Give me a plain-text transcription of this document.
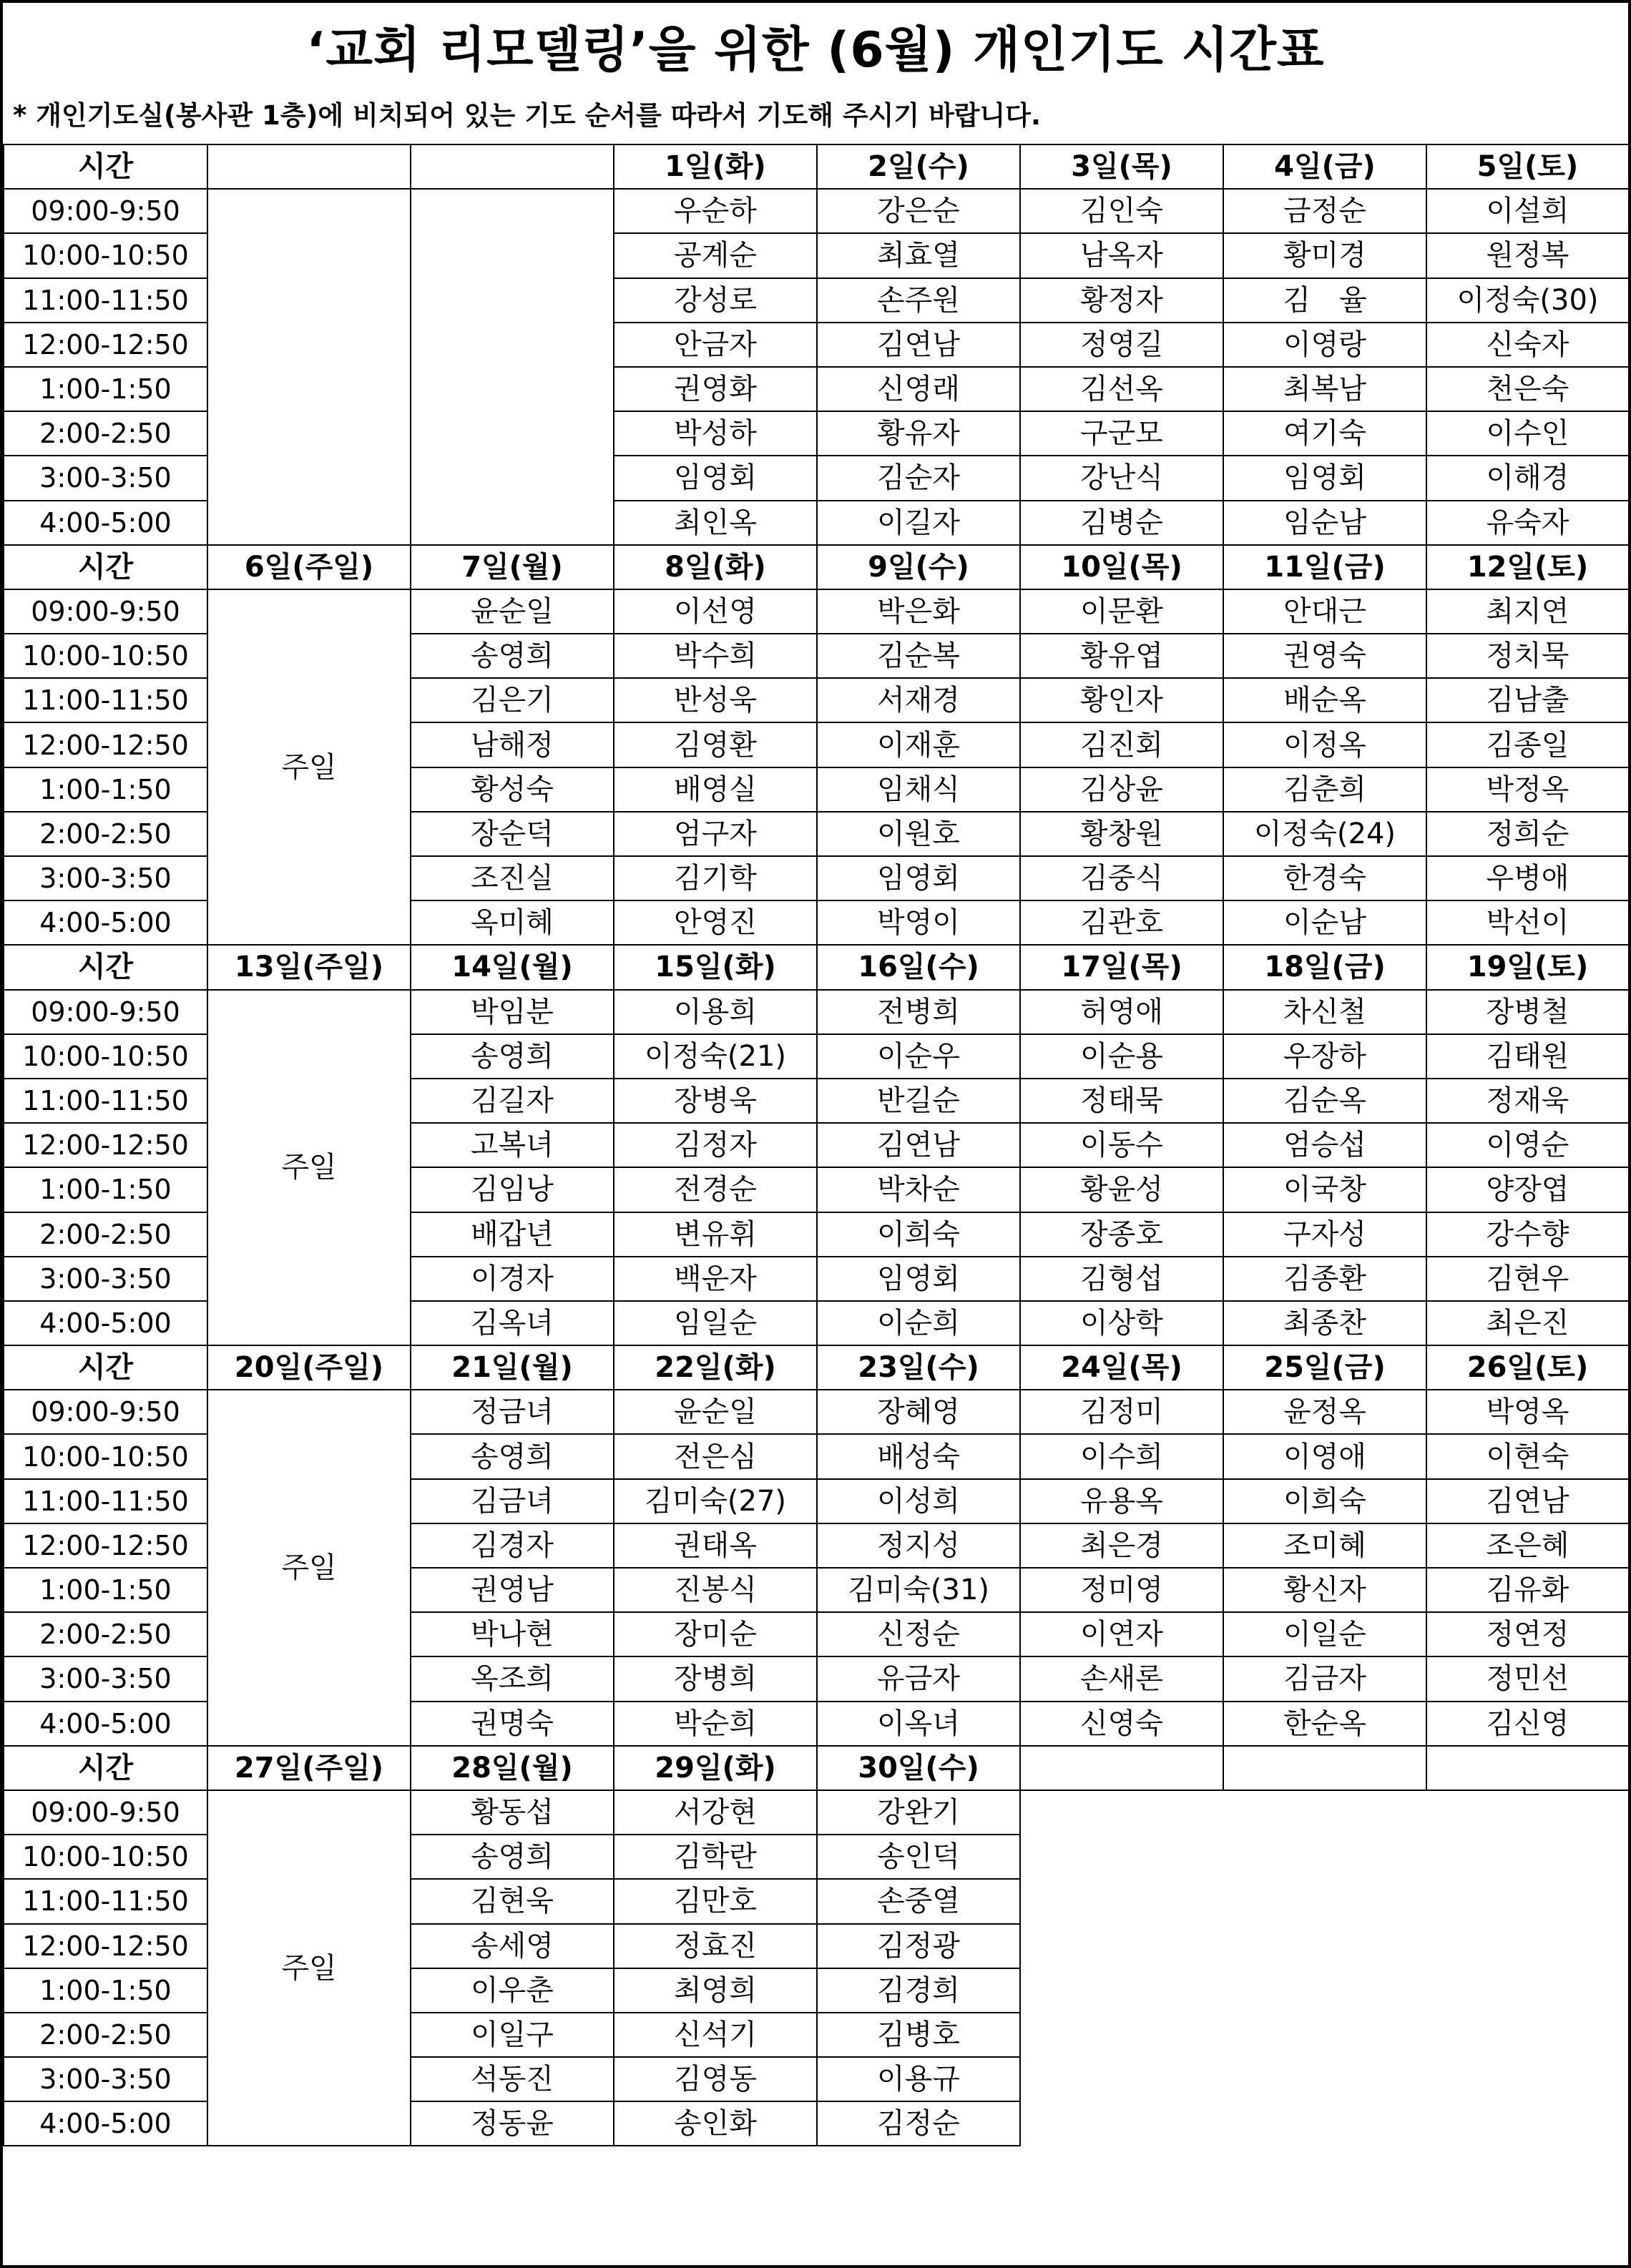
‘교회 리모델링’을 위한 (6월) 개인기도 시간표
* 개인기도실(봉사관 1층)에 비치되어 있는 기도 순서를 따라서 기도해 주시기 바랍니다.
시간			1일(화)	2일(수)	3일(목)	4일(금)	5일(토)
09:00-9:50			우순하	강은순	김인숙	금정순	이설희
10:00-10:50			공계순	최효열	남옥자	황미경	원정복
11:00-11:50			강성로	손주원	황정자	김　율	이정숙(30)
12:00-12:50			안금자	김연남	정영길	이영랑	신숙자
1:00-1:50			권영화	신영래	김선옥	최복남	천은숙
2:00-2:50			박성하	황유자	구군모	여기숙	이수인
3:00-3:50			임영회	김순자	강난식	임영회	이해경
4:00-5:00			최인옥	이길자	김병순	임순남	유숙자
시간	6일(주일)	7일(월)	8일(화)	9일(수)	10일(목)	11일(금)	12일(토)
09:00-9:50	주일	윤순일	이선영	박은화	이문환	안대근	최지연
10:00-10:50		송영희	박수희	김순복	황유엽	권영숙	정치묵
11:00-11:50		김은기	반성욱	서재경	황인자	배순옥	김남출
12:00-12:50		남해정	김영환	이재훈	김진회	이정옥	김종일
1:00-1:50		황성숙	배영실	임채식	김상윤	김춘희	박정옥
2:00-2:50		장순덕	엄구자	이원호	황창원	이정숙(24)	정희순
3:00-3:50		조진실	김기학	임영회	김중식	한경숙	우병애
4:00-5:00		옥미혜	안영진	박영이	김관호	이순남	박선이
시간	13일(주일)	14일(월)	15일(화)	16일(수)	17일(목)	18일(금)	19일(토)
09:00-9:50	주일	박임분	이용희	전병희	허영애	차신철	장병철
10:00-10:50		송영희	이정숙(21)	이순우	이순용	우장하	김태원
11:00-11:50		김길자	장병욱	반길순	정태묵	김순옥	정재욱
12:00-12:50		고복녀	김정자	김연남	이동수	엄승섭	이영순
1:00-1:50		김임낭	전경순	박차순	황윤성	이국창	양장엽
2:00-2:50		배갑년	변유휘	이희숙	장종호	구자성	강수향
3:00-3:50		이경자	백운자	임영회	김형섭	김종환	김현우
4:00-5:00		김옥녀	임일순	이순희	이상학	최종찬	최은진
시간	20일(주일)	21일(월)	22일(화)	23일(수)	24일(목)	25일(금)	26일(토)
09:00-9:50	주일	정금녀	윤순일	장혜영	김정미	윤정옥	박영옥
10:00-10:50		송영희	전은심	배성숙	이수희	이영애	이현숙
11:00-11:50		김금녀	김미숙(27)	이성희	유용옥	이희숙	김연남
12:00-12:50		김경자	권태옥	정지성	최은경	조미혜	조은혜
1:00-1:50		권영남	진봉식	김미숙(31)	정미영	황신자	김유화
2:00-2:50		박나현	장미순	신정순	이연자	이일순	정연정
3:00-3:50		옥조희	장병희	유금자	손새론	김금자	정민선
4:00-5:00		권명숙	박순희	이옥녀	신영숙	한순옥	김신영
시간	27일(주일)	28일(월)	29일(화)	30일(수)			
09:00-9:50	주일	황동섭	서강현	강완기			
10:00-10:50		송영희	김학란	송인덕			
11:00-11:50		김현욱	김만호	손중열			
12:00-12:50		송세영	정효진	김정광			
1:00-1:50		이우춘	최영희	김경희			
2:00-2:50		이일구	신석기	김병호			
3:00-3:50		석동진	김영동	이용규			
4:00-5:00		정동윤	송인화	김정순			
